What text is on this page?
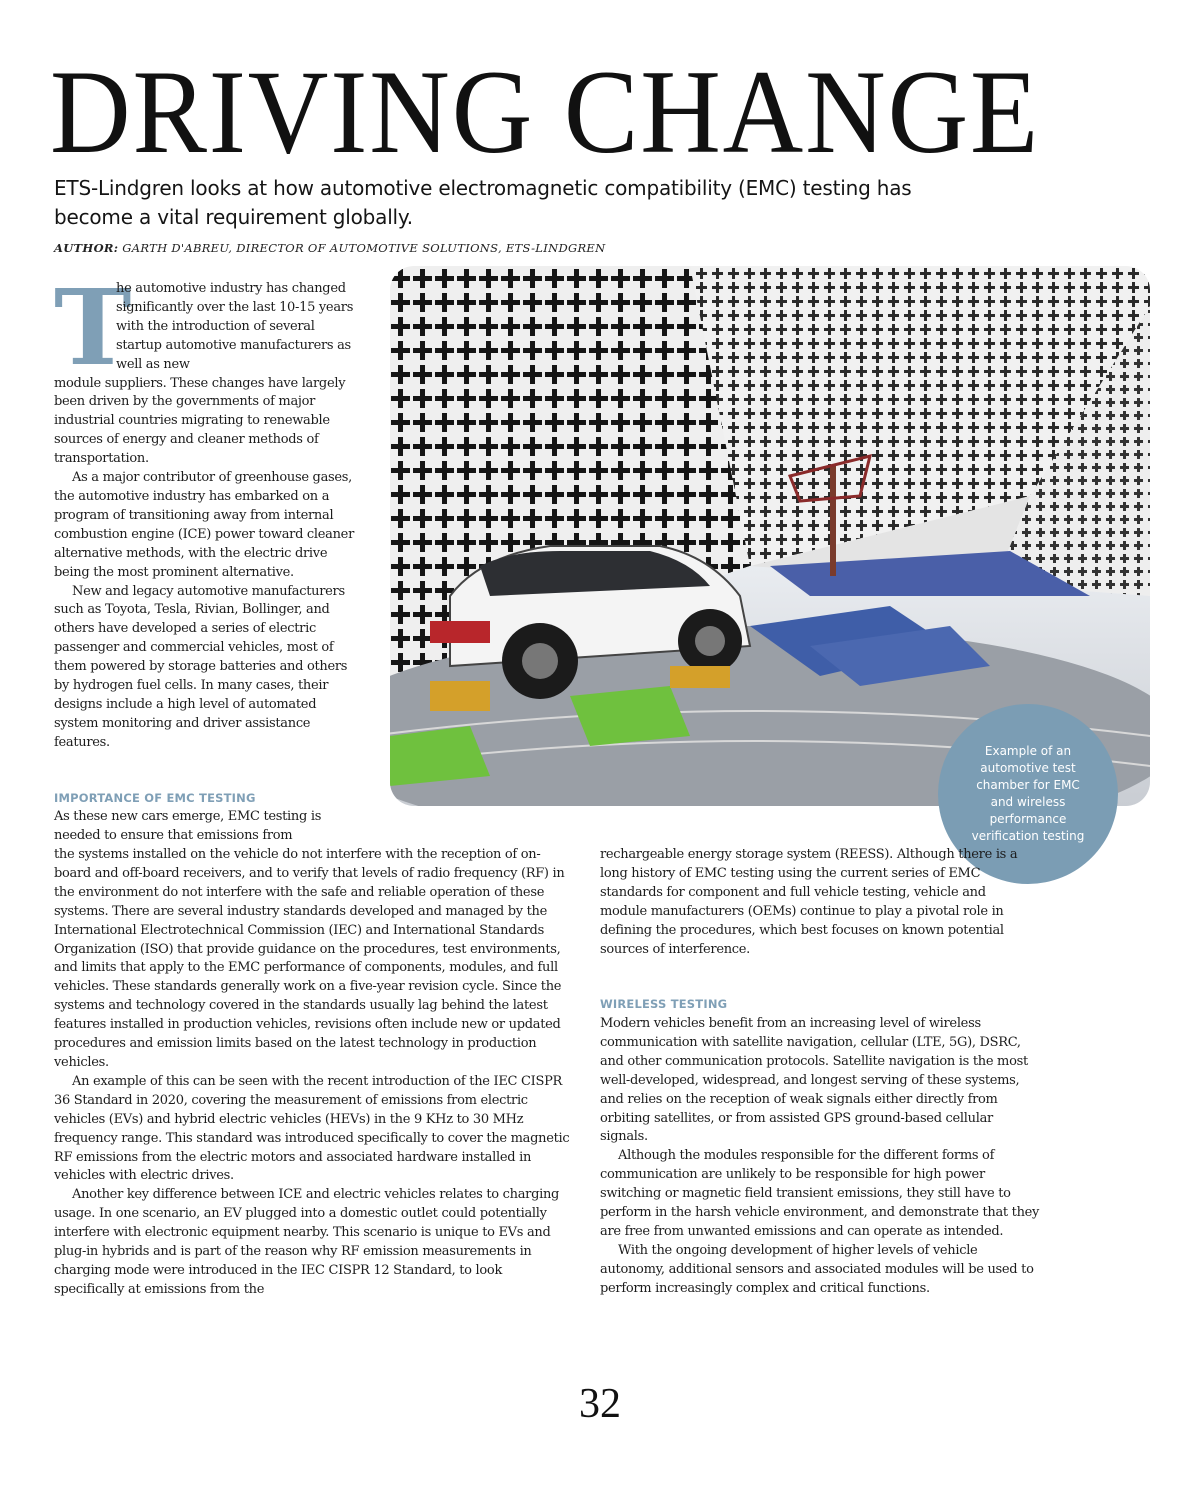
DRIVING CHANGE
ETS-Lindgren looks at how automotive electromagnetic compatibility (EMC) testing has become a vital requirement globally.
AUTHOR: GARTH D'ABREU, DIRECTOR OF AUTOMOTIVE SOLUTIONS, ETS-LINDGREN
Example of an automotive test chamber for EMC and wireless performance verification testing
T

he automotive industry has changed significantly over the last 10-15 years with the introduction of several startup automotive manufacturers as well as new

module suppliers. These changes have largely been driven by the governments of major industrial countries migrating to renewable sources of energy and cleaner methods of transportation.

As a major contributor of greenhouse gases, the automotive industry has embarked on a program of transitioning away from internal combustion engine (ICE) power toward cleaner alternative methods, with the electric drive being the most prominent alternative.

New and legacy automotive manufacturers such as Toyota, Tesla, Rivian, Bollinger, and others have developed a series of electric passenger and commercial vehicles, most of them powered by storage batteries and others by hydrogen fuel cells. In many cases, their designs include a high level of automated system monitoring and driver assistance features.

IMPORTANCE OF EMC TESTING
As these new cars emerge, EMC testing is needed to ensure that emissions from

the systems installed on the vehicle do not interfere with the reception of on-board and off-board receivers, and to verify that levels of radio frequency (RF) in the environment do not interfere with the safe and reliable operation of these systems. There are several industry standards developed and managed by the International Electrotechnical Commission (IEC) and International Standards Organization (ISO) that provide guidance on the procedures, test environments, and limits that apply to the EMC performance of components, modules, and full vehicles. These standards generally work on a five-year revision cycle. Since the systems and technology covered in the standards usually lag behind the latest features installed in production vehicles, revisions often include new or updated procedures and emission limits based on the latest technology in production vehicles.

An example of this can be seen with the recent introduction of the IEC CISPR 36 Standard in 2020, covering the measurement of emissions from electric vehicles (EVs) and hybrid electric vehicles (HEVs) in the 9 KHz to 30 MHz frequency range. This standard was introduced specifically to cover the magnetic RF emissions from the electric motors and associated hardware installed in vehicles with electric drives.

Another key difference between ICE and electric vehicles relates to charging usage. In one scenario, an EV plugged into a domestic outlet could potentially interfere with electronic equipment nearby. This scenario is unique to EVs and plug-in hybrids and is part of the reason why RF emission measurements in charging mode were introduced in the IEC CISPR 12 Standard, to look specifically at emissions from the

rechargeable energy storage system (REESS). Although there is a long history of EMC testing using the current series of EMC standards for component and full vehicle testing, vehicle and module manufacturers (OEMs) continue to play a pivotal role in defining the procedures, which best focuses on known potential sources of interference.

WIRELESS TESTING

Modern vehicles benefit from an increasing level of wireless communication with satellite navigation, cellular (LTE, 5G), DSRC, and other communication protocols. Satellite navigation is the most well-developed, widespread, and longest serving of these systems, and relies on the reception of weak signals either directly from orbiting satellites, or from assisted GPS ground-based cellular signals.

Although the modules responsible for the different forms of communication are unlikely to be responsible for high power switching or magnetic field transient emissions, they still have to perform in the harsh vehicle environment, and demonstrate that they are free from unwanted emissions and can operate as intended.

With the ongoing development of higher levels of vehicle autonomy, additional sensors and associated modules will be used to perform increasingly complex and critical functions.

32
